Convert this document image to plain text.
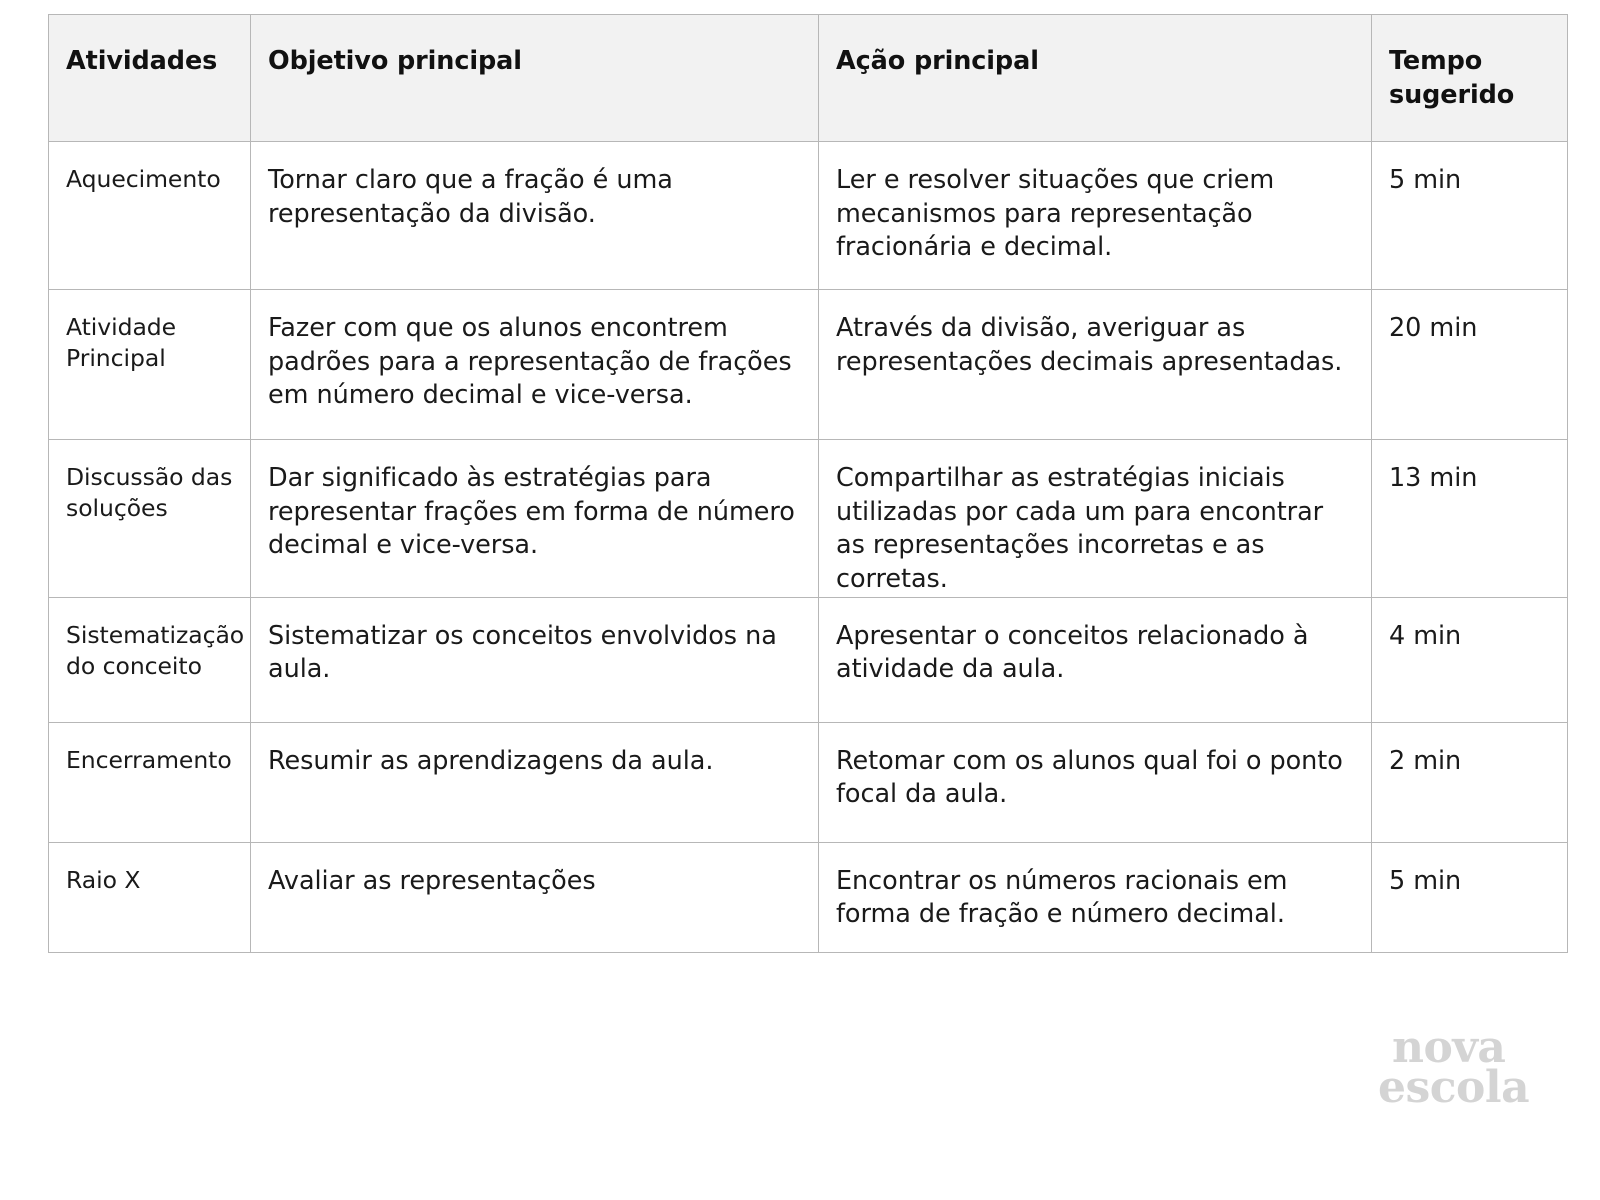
Atividades	Objetivo principal	Ação principal	Tempo
sugerido

Aquecimento	Tornar claro que a fração é uma representação da divisão.	Ler e resolver situações que criem mecanismos para representação fracionária e decimal.	5 min

Atividade Principal	Fazer com que os alunos encontrem padrões para a representação de frações em número decimal e vice-versa.	Através da divisão, averiguar as representações decimais apresentadas.	20 min

Discussão das soluções	Dar significado às estratégias para representar frações em forma de número decimal e vice-versa.	Compartilhar as estratégias iniciais utilizadas por cada um para encontrar as representações incorretas e as corretas.	13 min

Sistematização do conceito	Sistematizar os conceitos envolvidos na aula.	Apresentar o conceitos relacionado à atividade da aula.	4 min

Encerramento	Resumir as aprendizagens da aula.	Retomar com os alunos qual foi o ponto focal da aula.	2 min

Raio X	Avaliar as representações	Encontrar os números racionais em forma de fração e número decimal.	5 min
nova
escola
